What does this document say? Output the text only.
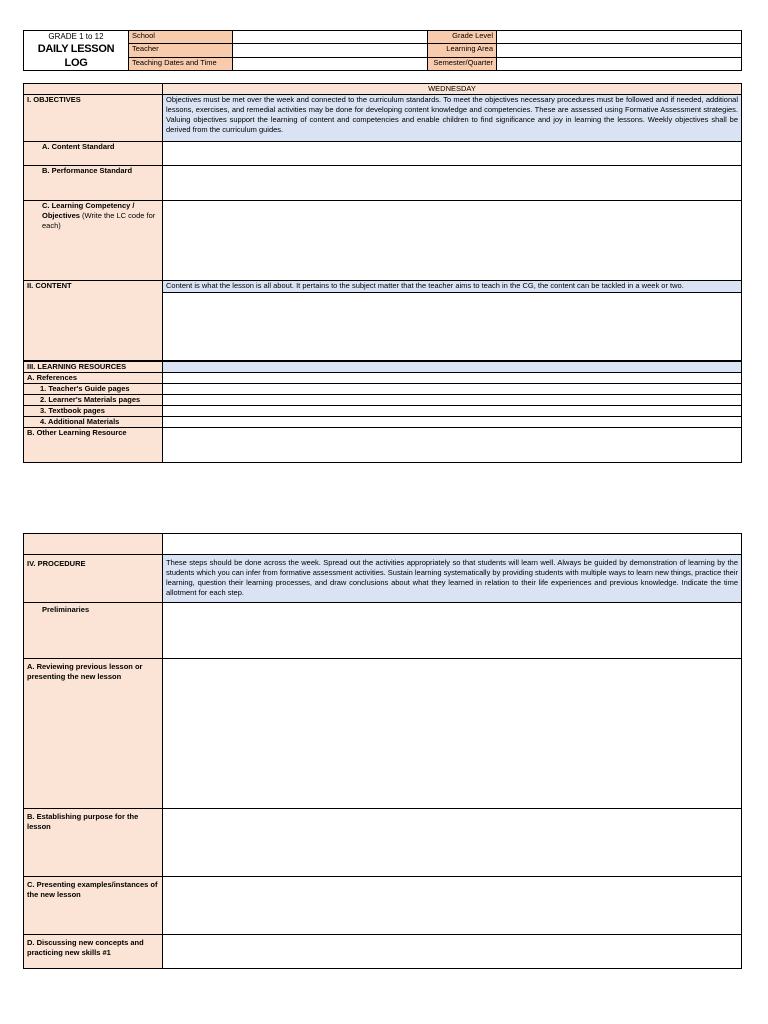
GRADE 1 to 12
DAILY LESSON LOG	School		Grade Level	
	Teacher		Learning Area	
	Teaching Dates and Time		Semester/Quarter	
	WEDNESDAY
I. OBJECTIVES	Objectives must be met over the week and connected to the curriculum standards. To meet the objectives necessary procedures must be followed and if needed, additional lessons, exercises, and remedial activities may be done for developing content knowledge and competencies. These are assessed using Formative Assessment strategies. Valuing objectives support the learning of content and competencies and enable children to find significance and joy in learning the lessons. Weekly objectives shall be derived from the curriculum guides.
A. Content Standard	
B. Performance Standard	
C. Learning Competency /
Objectives (Write the LC code for each)	
II. CONTENT	Content is what the lesson is all about. It pertains to the subject matter that the teacher aims to teach in the CG, the content can be tackled in a week or two.

III. LEARNING RESOURCES	
A. References	
1. Teacher's Guide pages	
2. Learner's Materials pages	
3. Textbook pages	
4. Additional Materials	
B. Other Learning Resource	

IV. PROCEDURE	These steps should be done across the week. Spread out the activities appropriately so that students will learn well. Always be guided by demonstration of learning by the students which you can infer from formative assessment activities. Sustain learning systematically by providing students with multiple ways to learn new things, practice their learning, question their learning processes, and draw conclusions about what they learned in relation to their life experiences and previous knowledge. Indicate the time allotment for each step.
Preliminaries	
A. Reviewing previous lesson or presenting the new lesson	
B. Establishing purpose for the lesson	
C. Presenting examples/instances of the new lesson	
D. Discussing new concepts and practicing new skills #1	
